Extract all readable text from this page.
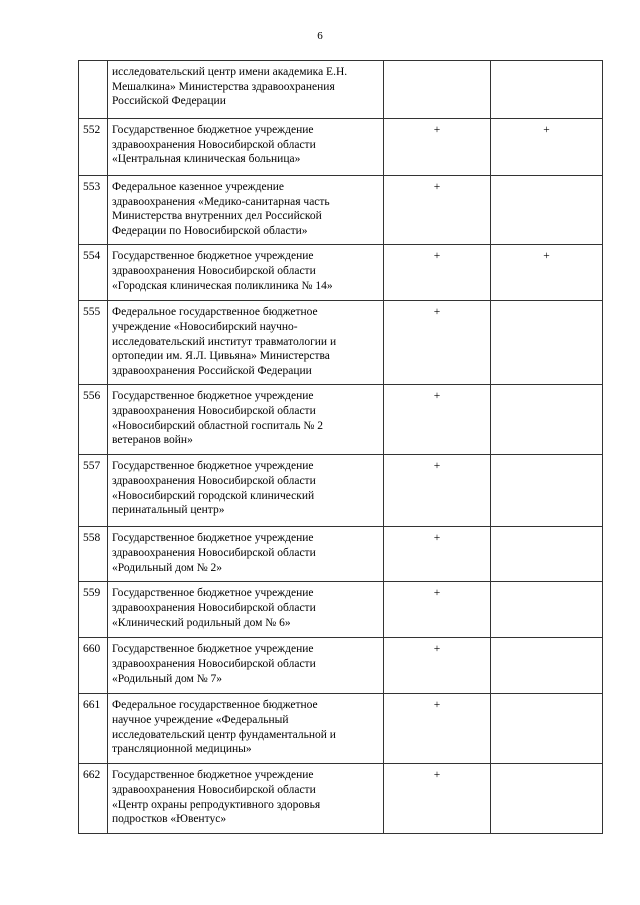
6
	исследовательский центр имени академика Е.Н.
Мешалкина» Министерства здравоохранения
Российской Федерации		
552	Государственное бюджетное учреждение
здравоохранения Новосибирской области
«Центральная клиническая больница»	+	+
553	Федеральное казенное учреждение
здравоохранения «Медико-санитарная часть
Министерства внутренних дел Российской
Федерации по Новосибирской области»	+	
554	Государственное бюджетное учреждение
здравоохранения Новосибирской области
«Городская клиническая поликлиника № 14»	+	+
555	Федеральное государственное бюджетное
учреждение «Новосибирский научно-
исследовательский институт травматологии и
ортопедии им. Я.Л. Цивьяна» Министерства
здравоохранения Российской Федерации	+	
556	Государственное бюджетное учреждение
здравоохранения Новосибирской области
«Новосибирский областной госпиталь № 2
ветеранов войн»	+	
557	Государственное бюджетное учреждение
здравоохранения Новосибирской области
«Новосибирский городской клинический
перинатальный центр»	+	
558	Государственное бюджетное учреждение
здравоохранения Новосибирской области
«Родильный дом № 2»	+	
559	Государственное бюджетное учреждение
здравоохранения Новосибирской области
«Клинический родильный дом № 6»	+	
660	Государственное бюджетное учреждение
здравоохранения Новосибирской области
«Родильный дом № 7»	+	
661	Федеральное государственное бюджетное
научное учреждение «Федеральный
исследовательский центр фундаментальной и
трансляционной медицины»	+	
662	Государственное бюджетное учреждение
здравоохранения Новосибирской области
«Центр охраны репродуктивного здоровья
подростков «Ювентус»	+	
